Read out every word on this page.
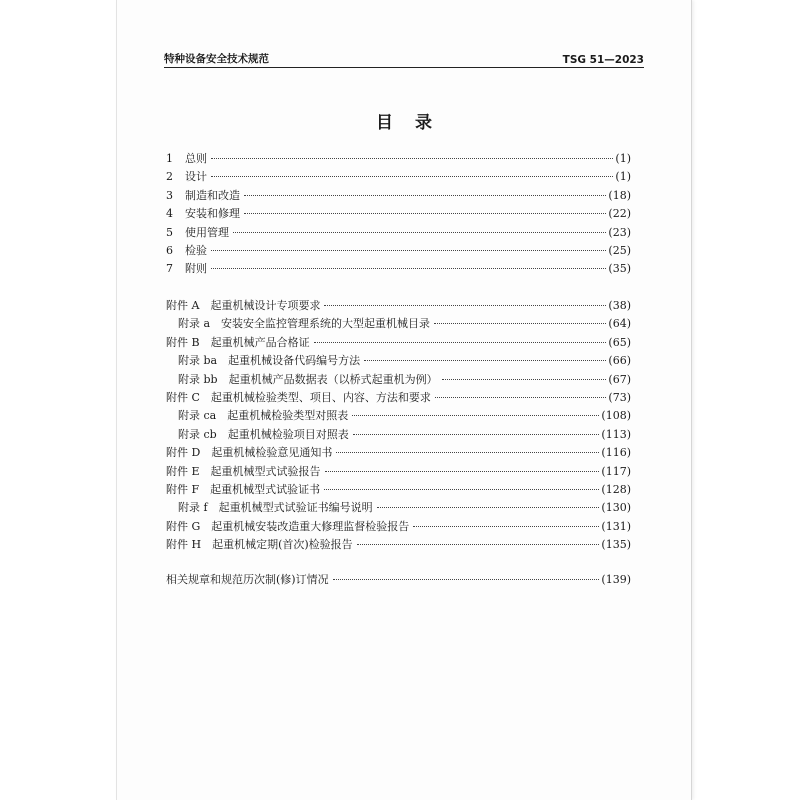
特种设备安全技术规范	TSG 51—2023
目录
1	总则	(1)
2	设计	(1)
3	制造和改造	(18)
4	安装和修理	(22)
5	使用管理	(23)
6	检验	(25)
7	附则	(35)
附件 A　起重机械设计专项要求	(38)
附录 a　安装安全监控管理系统的大型起重机械目录	(64)
附件 B　起重机械产品合格证	(65)
附录 ba　起重机械设备代码编号方法	(66)
附录 bb　起重机械产品数据表（以桥式起重机为例）	(67)
附件 C　起重机械检验类型、项目、内容、方法和要求	(73)
附录 ca　起重机械检验类型对照表	(108)
附录 cb　起重机械检验项目对照表	(113)
附件 D　起重机械检验意见通知书	(116)
附件 E　起重机械型式试验报告	(117)
附件 F　起重机械型式试验证书	(128)
附录 f　起重机械型式试验证书编号说明	(130)
附件 G　起重机械安装改造重大修理监督检验报告	(131)
附件 H　起重机械定期(首次)检验报告	(135)
相关规章和规范历次制(修)订情况	(139)
